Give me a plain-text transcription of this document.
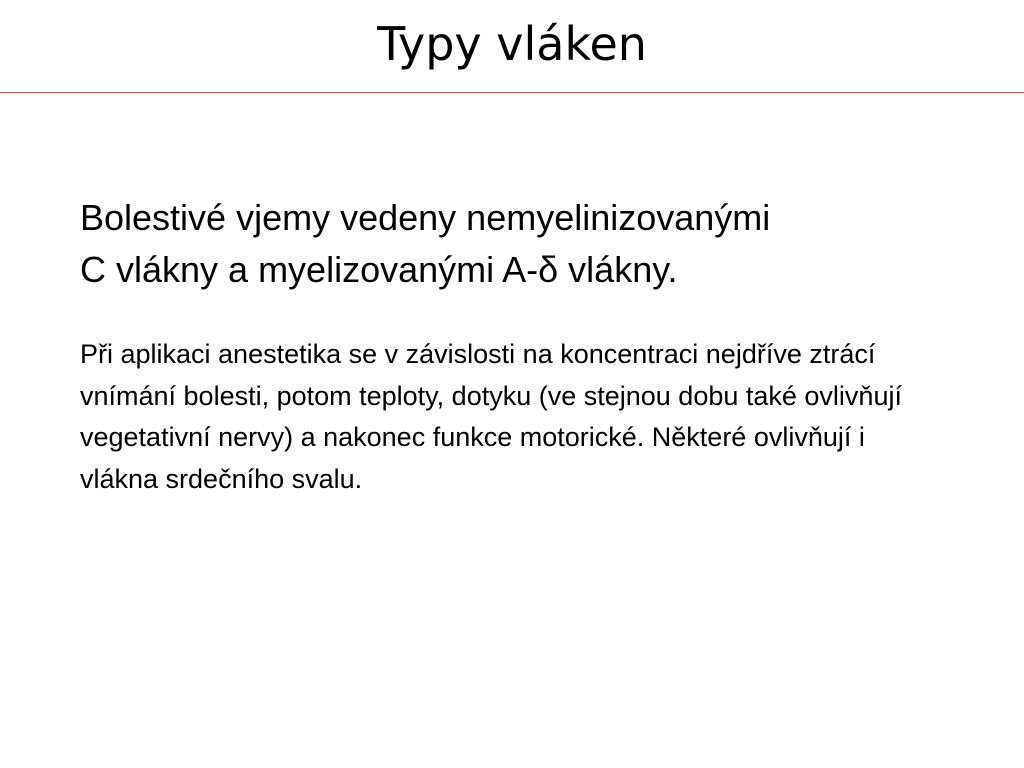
Typy vláken

Bolestivé vjemy vedeny nemyelinizovanými
C vlákny a myelizovanými A-δ vlákny.

Při aplikaci anestetika se v závislosti na koncentraci nejdříve ztrácí vnímání bolesti, potom teploty, dotyku (ve stejnou dobu také ovlivňují vegetativní nervy) a nakonec funkce motorické. Některé ovlivňují i vlákna srdečního svalu.
